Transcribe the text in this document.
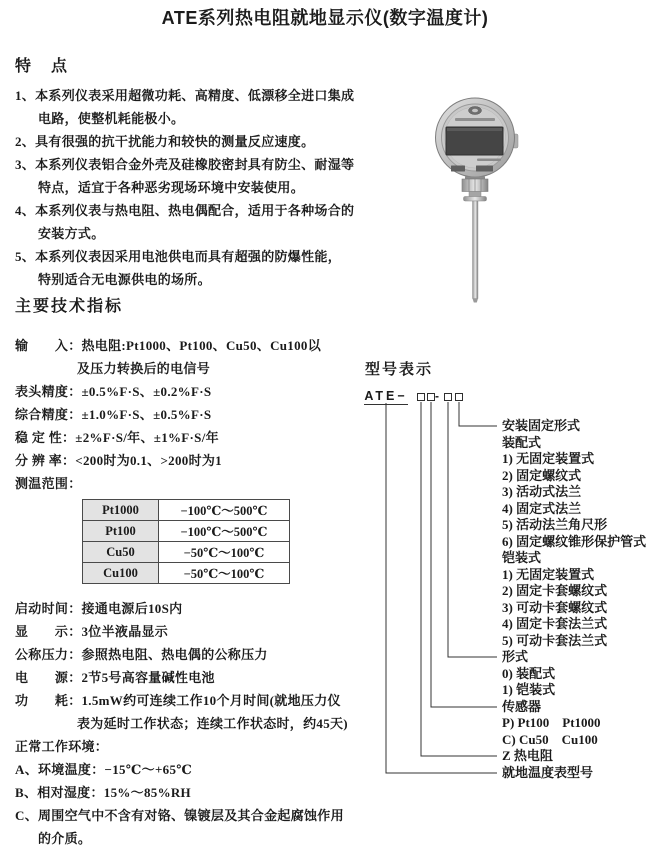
ATE系列热电阻就地显示仪(数字温度计)
特　点

1、本系列仪表采用超微功耗、高精度、低漂移全进口集成

电路，使整机耗能极小。

2、具有很强的抗干扰能力和较快的测量反应速度。

3、本系列仪表铝合金外壳及硅橡胶密封具有防尘、耐湿等

特点，适宜于各种恶劣现场环境中安装使用。

4、本系列仪表与热电阻、热电偶配合，适用于各种场合的

安装方式。

5、本系列仪表因采用电池供电而具有超强的防爆性能，

特别适合无电源供电的场所。

主要技术指标

输　　入：热电阻:Pt1000、Pt100、Cu50、Cu100以

及压力转换后的电信号

表头精度：±0.5%F·S、±0.2%F·S

综合精度：±1.0%F·S、±0.5%F·S

稳 定 性：±2%F·S/年、±1%F·S/年

分 辨 率：<200时为0.1、>200时为1

测温范围：

Pt1000	−100℃～500℃
Pt100	−100℃～500℃
Cu50	−50℃～100℃
Cu100	−50℃～100℃

启动时间：接通电源后10S内

显　　示：3位半液晶显示

公称压力：参照热电阻、热电偶的公称压力

电　　源：2节5号高容量碱性电池

功　　耗：1.5mW约可连续工作10个月时间(就地压力仪

表为延时工作状态；连续工作状态时，约45天)

正常工作环境：

A、环境温度：−15℃～+65℃

B、相对湿度：15%～85%RH

C、周围空气中不含有对铬、镍镀层及其合金起腐蚀作用

的介质。

型号表示
ATE− -
安装固定形式
装配式
1) 无固定装置式
2) 固定螺纹式
3) 活动式法兰
4) 固定式法兰
5) 活动法兰角尺形
6) 固定螺纹锥形保护管式
铠装式
1) 无固定装置式
2) 固定卡套螺纹式
3) 可动卡套螺纹式
4) 固定卡套法兰式
5) 可动卡套法兰式
形式
0) 装配式
1) 铠装式
传感器
P) Pt100　Pt1000
C) Cu50　Cu100
Z 热电阻
就地温度表型号
